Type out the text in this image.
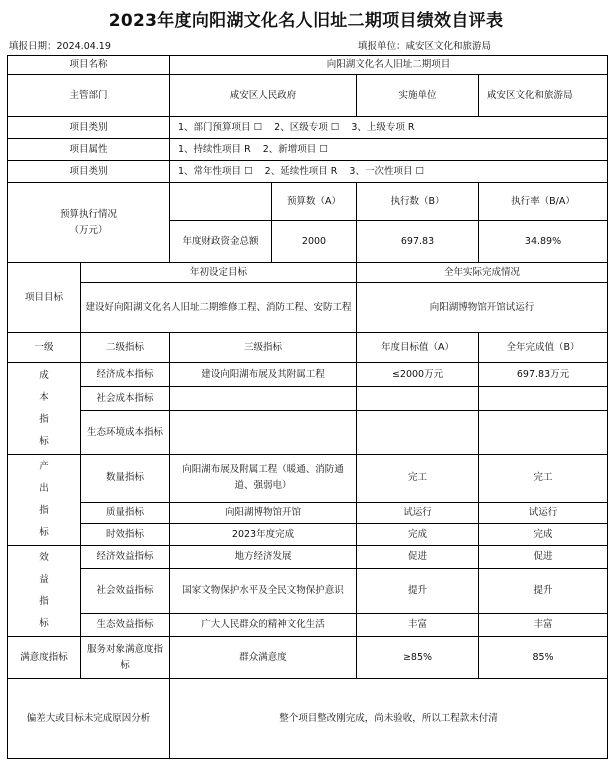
2023年度向阳湖文化名人旧址二期项目绩效自评表
填报日期：2024.04.19	填报单位：咸安区文化和旅游局
项目名称		向阳湖文化名人旧址二期项目			
主管部门		咸安区人民政府		实施单位	咸安区文化和旅游局
项目类别		1、部门预算项目 ☐    2、区级专项 ☐    3、上级专项 R			
项目属性		1、持续性项目 R    2、新增项目 ☐			
项目类别		1、常年性项目 ☐    2、延续性项目 R    3、一次性项目 ☐			
预算执行情况
（万元）			预算数（A）	执行数（B）	执行率（B/A）
		年度财政资金总额	2000	697.83	34.89%
项目目标	年初设定目标			全年实际完成情况	
	建设好向阳湖文化名人旧址二期维修工程、消防工程、安防工程			向阳湖博物馆开馆试运行	
一级	二级指标	三级指标		年度目标值（A）	全年完成值（B）

成
本
指
标	经济成本指标	建设向阳湖布展及其附属工程		≤2000万元	697.83万元
	社会成本指标				
	生态环境成本指标				

产
出
指
标	数量指标	向阳湖布展及附属工程（暖通、消防通道、强弱电）		完工	完工
	质量指标	向阳湖博物馆开馆		试运行	试运行
	时效指标	2023年度完成		完成	完成

效
益
指
标	经济效益指标	地方经济发展		促进	促进
	社会效益指标	国家文物保护水平及全民文物保护意识		提升	提升
	生态效益指标	广大人民群众的精神文化生活		丰富	丰富
满意度指标	服务对象满意度指标	群众满意度		≥85%	85%
偏差大或目标未完成原因分析		整个项目整改刚完成，尚未验收，所以工程款未付清			
